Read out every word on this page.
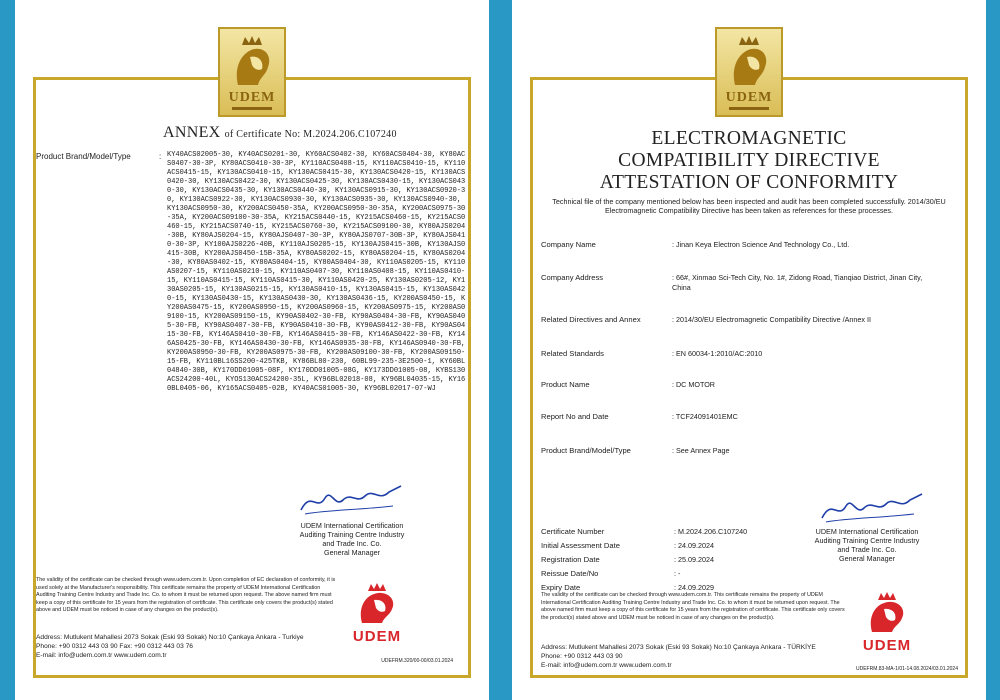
UDEM
ANNEX of Certificate No: M.2024.206.C107240
Product Brand/Model/Type	: KY40ACS02005-30, KY40ACS0201-30, KY60ACS0402-30, KY60ACS0404-30, KY80ACS0407-30-3P, KY80ACS0410-30-3P, KY110ACS0408-15, KY110ACS0410-15, KY110ACS0415-15, KY130ACS0410-15, KY130ACS0415-30, KY130ACS0420-15, KY130ACS0420-30, KY130ACS0422-30, KY130ACS0425-30, KY130ACS0430-15, KY130ACS0430-30, KY130ACS0435-30, KY130ACS0440-30, KY130ACS0915-30, KY130ACS0920-30, KY130ACS0922-30, KY130ACS0930-30, KY130ACS0935-30, KY130ACS0940-30, KY130ACS0950-30, KY200ACS0450-35A, KY200ACS0950-30-35A, KY200ACS0975-30-35A, KY200ACS09100-30-35A, KY215ACS0440-15, KY215ACS0460-15, KY215ACS0460-15, KY215ACS0740-15, KY215ACS0760-30, KY215ACS09100-30, KY80AJS0204-30B, KY80AJS0204-15, KY80AJS0407-30-3P, KY80AJS0707-30B-3P, KY80AJS0410-30-3P, KY100AJS0226-40B, KY110AJS0205-15, KY130AJS0415-30B, KY130AJS0415-30B, KY200AJS0450-15B-35A, KY80AS0202-15, KY80AS0204-15, KY80AS0204-30, KY80AS0402-15, KY80AS0404-15, KY80AS0404-30, KY110AS0205-15, KY110AS0207-15, KY110AS0210-15, KY110AS0407-30, KY110AS0408-15, KY110AS0410-15, KY110AS0415-15, KY110AS0415-30, KY110AS0420-25, KY130AS0205-12, KY130AS0205-15, KY130AS0215-15, KY130AS0410-15, KY130AS0415-15, KY130AS0420-15, KY130AS0430-15, KY130AS0430-30, KY130AS0436-15, KY200AS0450-15, KY200AS0475-15, KY200AS0950-15, KY200AS0960-15, KY200AS0975-15, KY200AS09100-15, KY200AS09150-15, KY90AS0402-30-FB, KY90AS0404-30-FB, KY90AS0405-30-FB, KY90AS0407-30-FB, KY90AS0410-30-FB, KY90AS0412-30-FB, KY90AS0415-30-FB, KY146AS0410-30-FB, KY146AS0415-30-FB, KY146AS0422-30-FB, KY146AS0425-30-FB, KY146AS0430-30-FB, KY146AS0935-30-FB, KY146AS0940-30-FB, KY200AS0950-30-FB, KY200AS0975-30-FB, KY200AS09100-30-FB, KY200AS09150-15-FB, KY110BL16SS200-425TKB, KY86BL80-230, 60BL99-235-3E2500-1, KY60BL04840-30B, KY170DD01005-08F, KY170DD01005-08G, KY173DD01005-08, KYBS130ACS24200-40L, KYOS130ACS24200-35L, KY96BL02018-08, KY96BL04035-15, KY160BL0405-06, KY165ACS0405-02B, KY40ACS01005-30, KY96BL02017-07-WJ
UDEM International Certification
Auditing Training Centre Industry
and Trade Inc. Co.
General Manager
The validity of the certificate can be checked through www.udem.com.tr. Upon completion of EC declaration of conformity, it is used solely at the Manufacturer's responsibility. This certificate remains the property of UDEM International Certification Auditing Training Centre Industry and Trade Inc. Co. to whom it must be returned upon request. The above named firm must keep a copy of this certificate for 15 years from the registration of certificate. This certificate only covers the product(s) stated above and UDEM must be noticed in case of any changes on the product(s).
UDEM
Address: Mutlukent Mahallesi 2073 Sokak (Eski 93 Sokak) No:10 Çankaya Ankara - Turkiye
Phone: +90 0312 443 03 90 Fax: +90 0312 443 03 76
E-mail: info@udem.com.tr www.udem.com.tr
UDEFRM.320/00-00/03.01.2024
UDEM
ELECTROMAGNETIC
COMPATIBILITY DIRECTIVE
ATTESTATION OF CONFORMITY
Technical file of the company mentioned below has been inspected and audit has been completed successfully. 2014/30/EU Electromagnetic Compatibility Directive has been taken as references for these processes.
Company Name	: Jinan Keya Electron Science And Technology Co., Ltd.
Company Address	: 66#, Xinmao Sci-Tech City, No. 1#, Zidong Road, Tianqiao District, Jinan City, China
Related Directives and Annex	: 2014/30/EU Electromagnetic Compatibility Directive /Annex II
Related Standards	: EN 60034-1:2010/AC:2010
Product Name	: DC MOTOR
Report No and Date	: TCF24091401EMC
Product Brand/Model/Type	: See Annex Page
Certificate Number	: M.2024.206.C107240
Initial Assessment Date	: 24.09.2024
Registration Date	: 25.09.2024
Reissue Date/No	: -
Expiry Date	: 24.09.2029
UDEM International Certification
Auditing Training Centre Industry
and Trade Inc. Co.
General Manager
The validity of the certificate can be checked through www.udem.com.tr. This certificate remains the property of UDEM International Certification Auditing Training Centre Industry and Trade Inc. Co. to whom it must be returned upon request. The above named firm must keep a copy of this certificate for 15 years from the registration of certificate. This certificate only covers the product(s) stated above and UDEM must be noticed in case of any changes on the product(s).
UDEM
Address: Mutlukent Mahallesi 2073 Sokak (Eski 93 Sokak) No:10 Çankaya Ankara - TÜRKİYE
Phone: +90 0312 443 03 90
E-mail: info@udem.com.tr www.udem.com.tr	UDEFRM.83-MA-1/01-14.08.2024/03.01.2024
